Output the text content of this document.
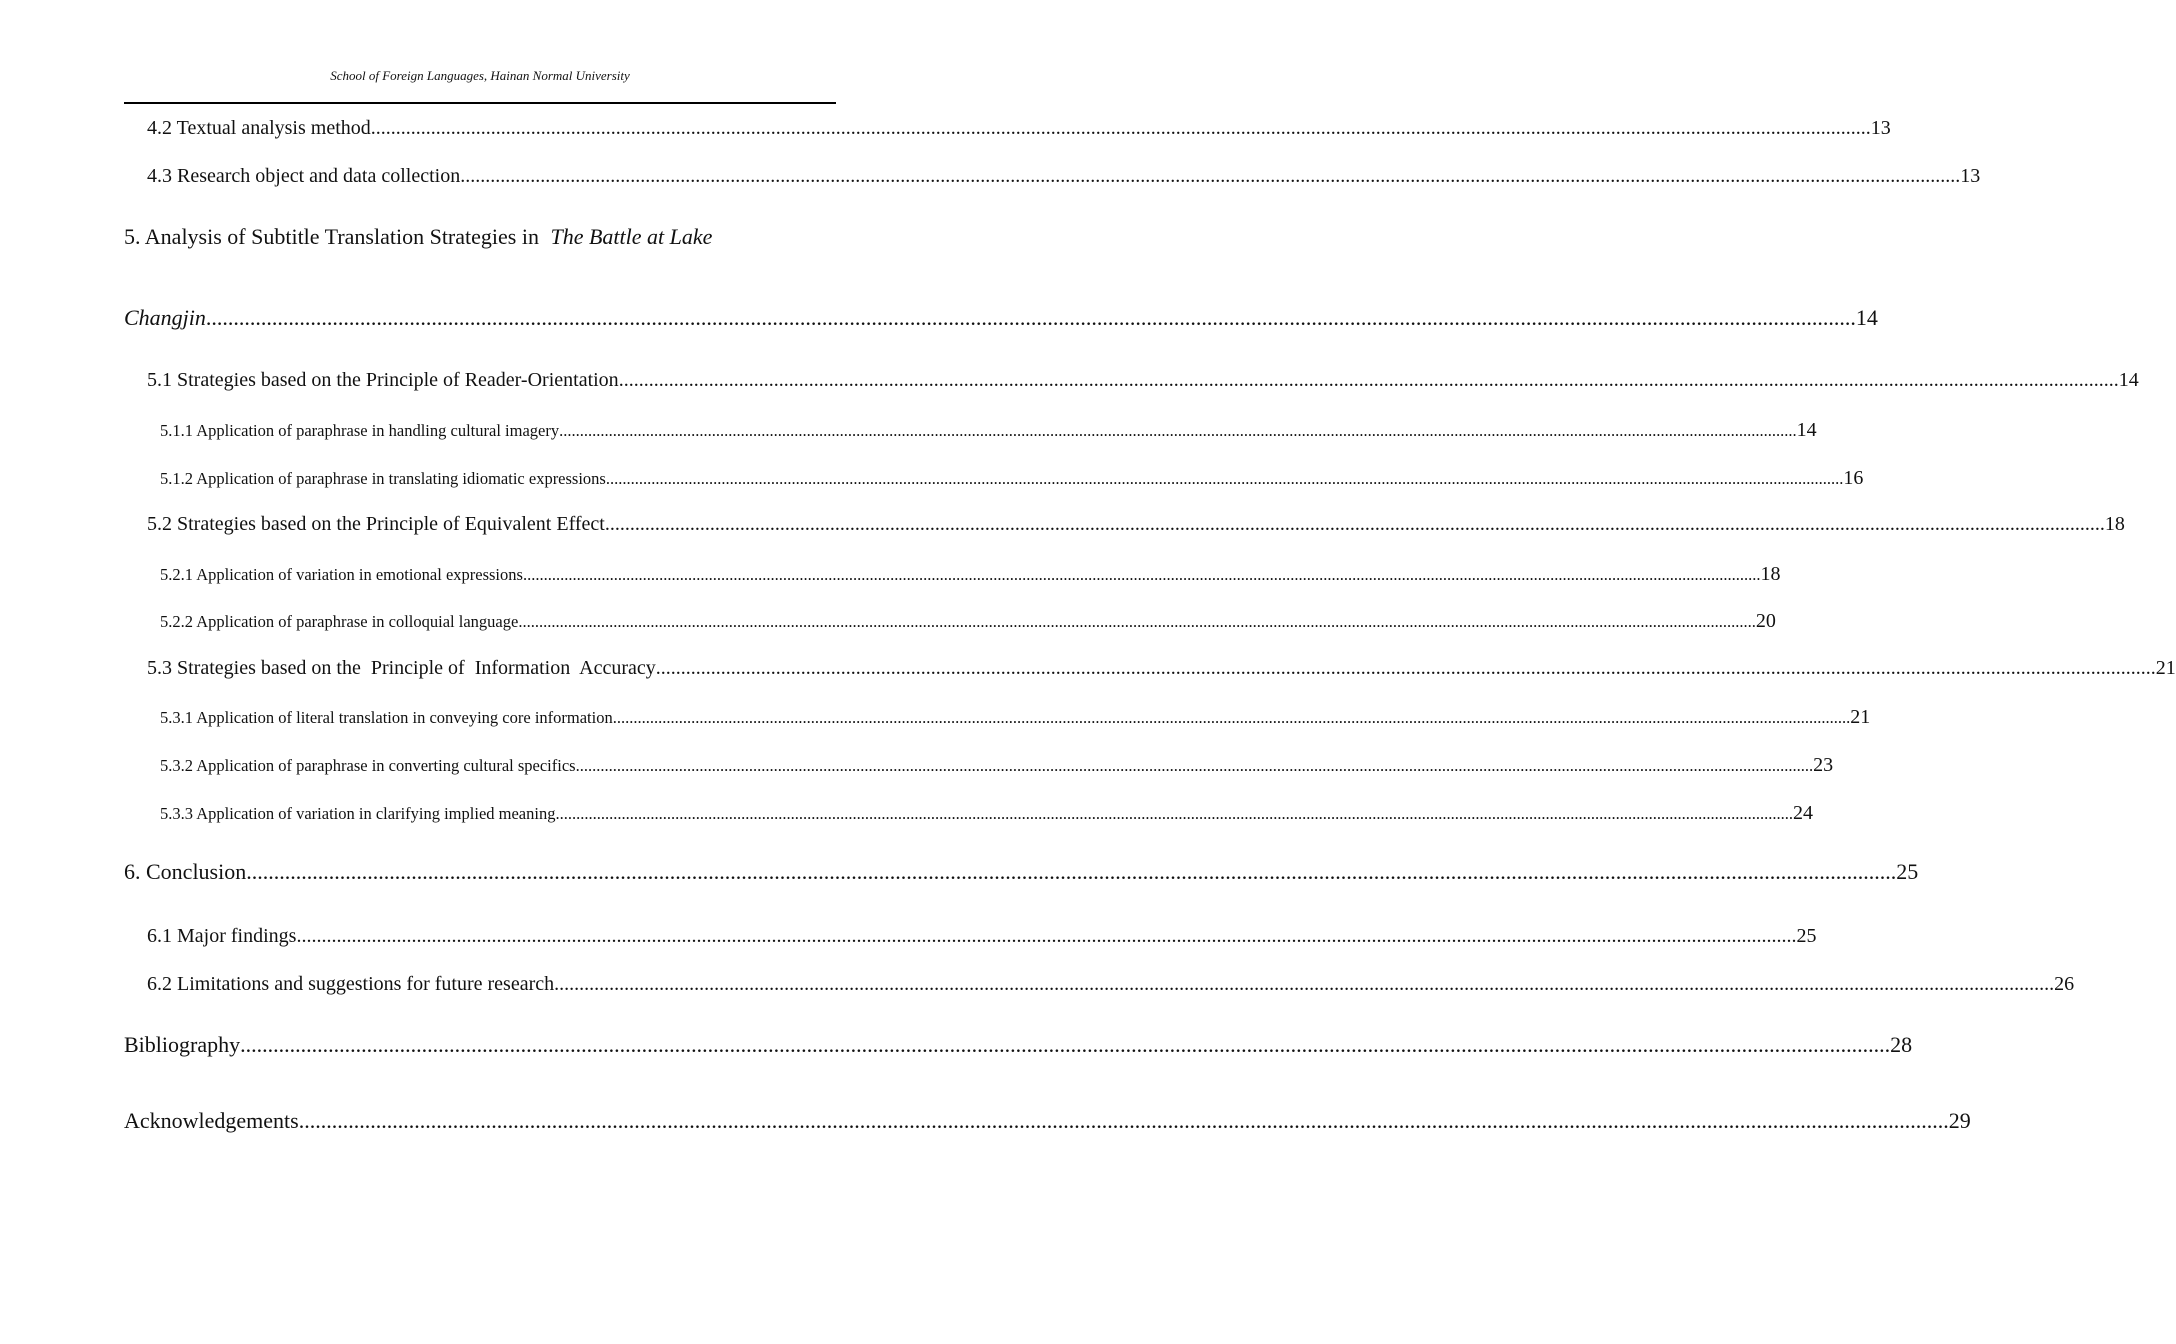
School of Foreign Languages, Hainan Normal University
4.2 Textual analysis method ............................................................................................................................................................................................................................................................................................................ 13
4.3 Research object and data collection ............................................................................................................................................................................................................................................................................................................ 13
5. Analysis of Subtitle Translation Strategies in The Battle at Lake
Changjin ............................................................................................................................................................................................................................................................................................................ 14
5.1 Strategies based on the Principle of Reader-Orientation ............................................................................................................................................................................................................................................................................................................ 14
5.1.1 Application of paraphrase in handling cultural imagery ............................................................................................................................................................................................................................................................................................................ 14
5.1.2 Application of paraphrase in translating idiomatic expressions ............................................................................................................................................................................................................................................................................................................ 16
5.2 Strategies based on the Principle of Equivalent Effect ............................................................................................................................................................................................................................................................................................................ 18
5.2.1 Application of variation in emotional expressions ............................................................................................................................................................................................................................................................................................................ 18
5.2.2 Application of paraphrase in colloquial language ............................................................................................................................................................................................................................................................................................................ 20
5.3 Strategies based on the  Principle of  Information  Accuracy ............................................................................................................................................................................................................................................................................................................ 21
5.3.1 Application of literal translation in conveying core information ............................................................................................................................................................................................................................................................................................................ 21
5.3.2 Application of paraphrase in converting cultural specifics ............................................................................................................................................................................................................................................................................................................ 23
5.3.3 Application of variation in clarifying implied meaning ............................................................................................................................................................................................................................................................................................................ 24
6. Conclusion ............................................................................................................................................................................................................................................................................................................ 25
6.1 Major findings ............................................................................................................................................................................................................................................................................................................ 25
6.2 Limitations and suggestions for future research ............................................................................................................................................................................................................................................................................................................ 26
Bibliography ............................................................................................................................................................................................................................................................................................................ 28
Acknowledgements ............................................................................................................................................................................................................................................................................................................ 29
